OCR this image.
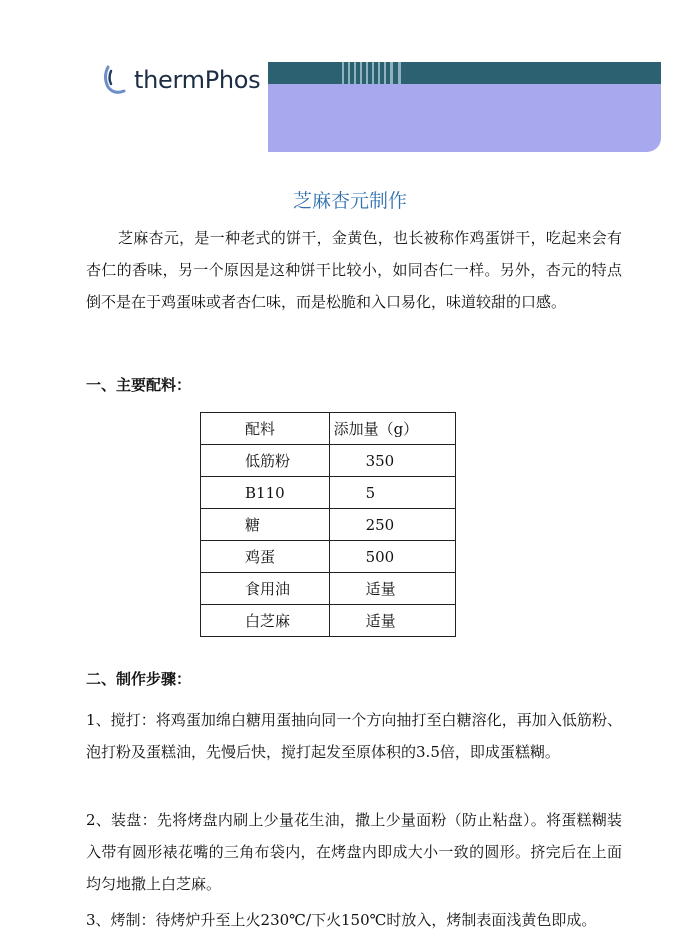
thermPhos
芝麻杏元制作

芝麻杏元，是一种老式的饼干，金黄色，也长被称作鸡蛋饼干，吃起来会有杏仁的香味，另一个原因是这种饼干比较小，如同杏仁一样。另外，杏元的特点倒不是在于鸡蛋味或者杏仁味，而是松脆和入口易化，味道较甜的口感。

一、主要配料：
配料	添加量（g）
低筋粉	350
B110	5
糖	250
鸡蛋	500
食用油	适量
白芝麻	适量
二、制作步骤：

1、搅打：将鸡蛋加绵白糖用蛋抽向同一个方向抽打至白糖溶化，再加入低筋粉、泡打粉及蛋糕油，先慢后快，搅打起发至原体积的3.5倍，即成蛋糕糊。

2、装盘：先将烤盘内刷上少量花生油，撒上少量面粉（防止粘盘）。将蛋糕糊装入带有圆形裱花嘴的三角布袋内，在烤盘内即成大小一致的圆形。挤完后在上面均匀地撒上白芝麻。

3、烤制：待烤炉升至上火230℃/下火150℃时放入，烤制表面浅黄色即成。
